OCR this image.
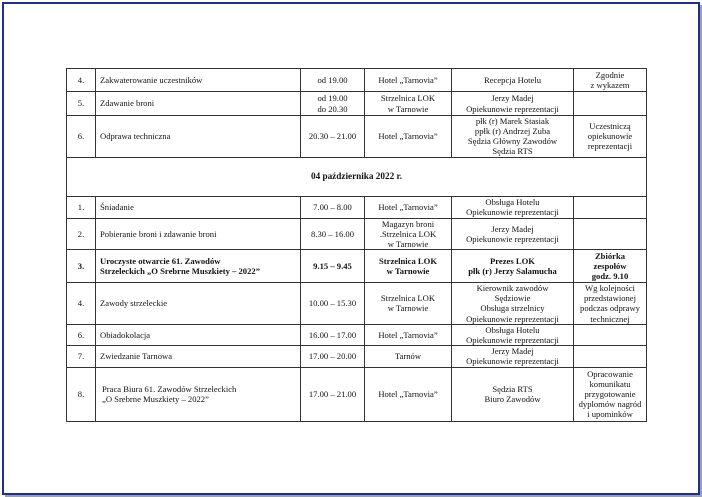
4.	Zakwaterowanie uczestników	od 19.00	Hotel „Tarnovia”	Recepcja Hotelu	Zgodnie
z wykazem

5.	Zdawanie broni	od 19.00
do 20.30	Strzelnica LOK
w Tarnowie	Jerzy Madej
Opiekunowie reprezentacji	

6.	Odprawa techniczna	20.30 – 21.00	Hotel „Tarnovia”	płk (r) Marek Stasiak
ppłk (r) Andrzej Zuba
Sędzia Główny Zawodów
Sędzia RTS	Uczestniczą
opiekunowie
reprezentacji

04 października 2022 r.					
1.	Śniadanie	7.00 – 8.00	Hotel „Tarnovia”	Obsługa Hotelu
Opiekunowie reprezentacji	

2.	Pobieranie broni i zdawanie broni	8.30 – 16.00	Magazyn broni
.Strzelnica LOK
w Tarnowie	Jerzy Madej
Opiekunowie reprezentacji	

3.	Uroczyste otwarcie 61. Zawodów
Strzeleckich „O Srebrne Muszkiety – 2022”	9.15 – 9.45	Strzelnica LOK
w Tarnowie	Prezes LOK
płk (r) Jerzy Salamucha	Zbiórka
zespołów
godz. 9.10

4.	Zawody strzeleckie	10.00 – 15.30	Strzelnica LOK
w Tarnowie	Kierownik zawodów
Sędziowie
Obsługa strzelnicy
Opiekunowie reprezentacji	Wg kolejności
przedstawionej
podczas odprawy
technicznej

6.	Obiadokolacja	16.00 – 17.00	Hotel „Tarnovia”	Obsługa Hotelu
Opiekunowie reprezentacji	

7.	Zwiedzanie Tarnowa	17.00 – 20.00	Tarnów	Jerzy Madej
Opiekunowie reprezentacji	

8.	Praca Biura 61. Zawodów Strzeleckich
„O Srebrne Muszkiety – 2022”	17.00 – 21.00	Hotel „Tarnovia”	Sędzia RTS
Biuro Zawodów	Opracowanie
komunikatu
przygotowanie
dyplomów nagród
i upominków
